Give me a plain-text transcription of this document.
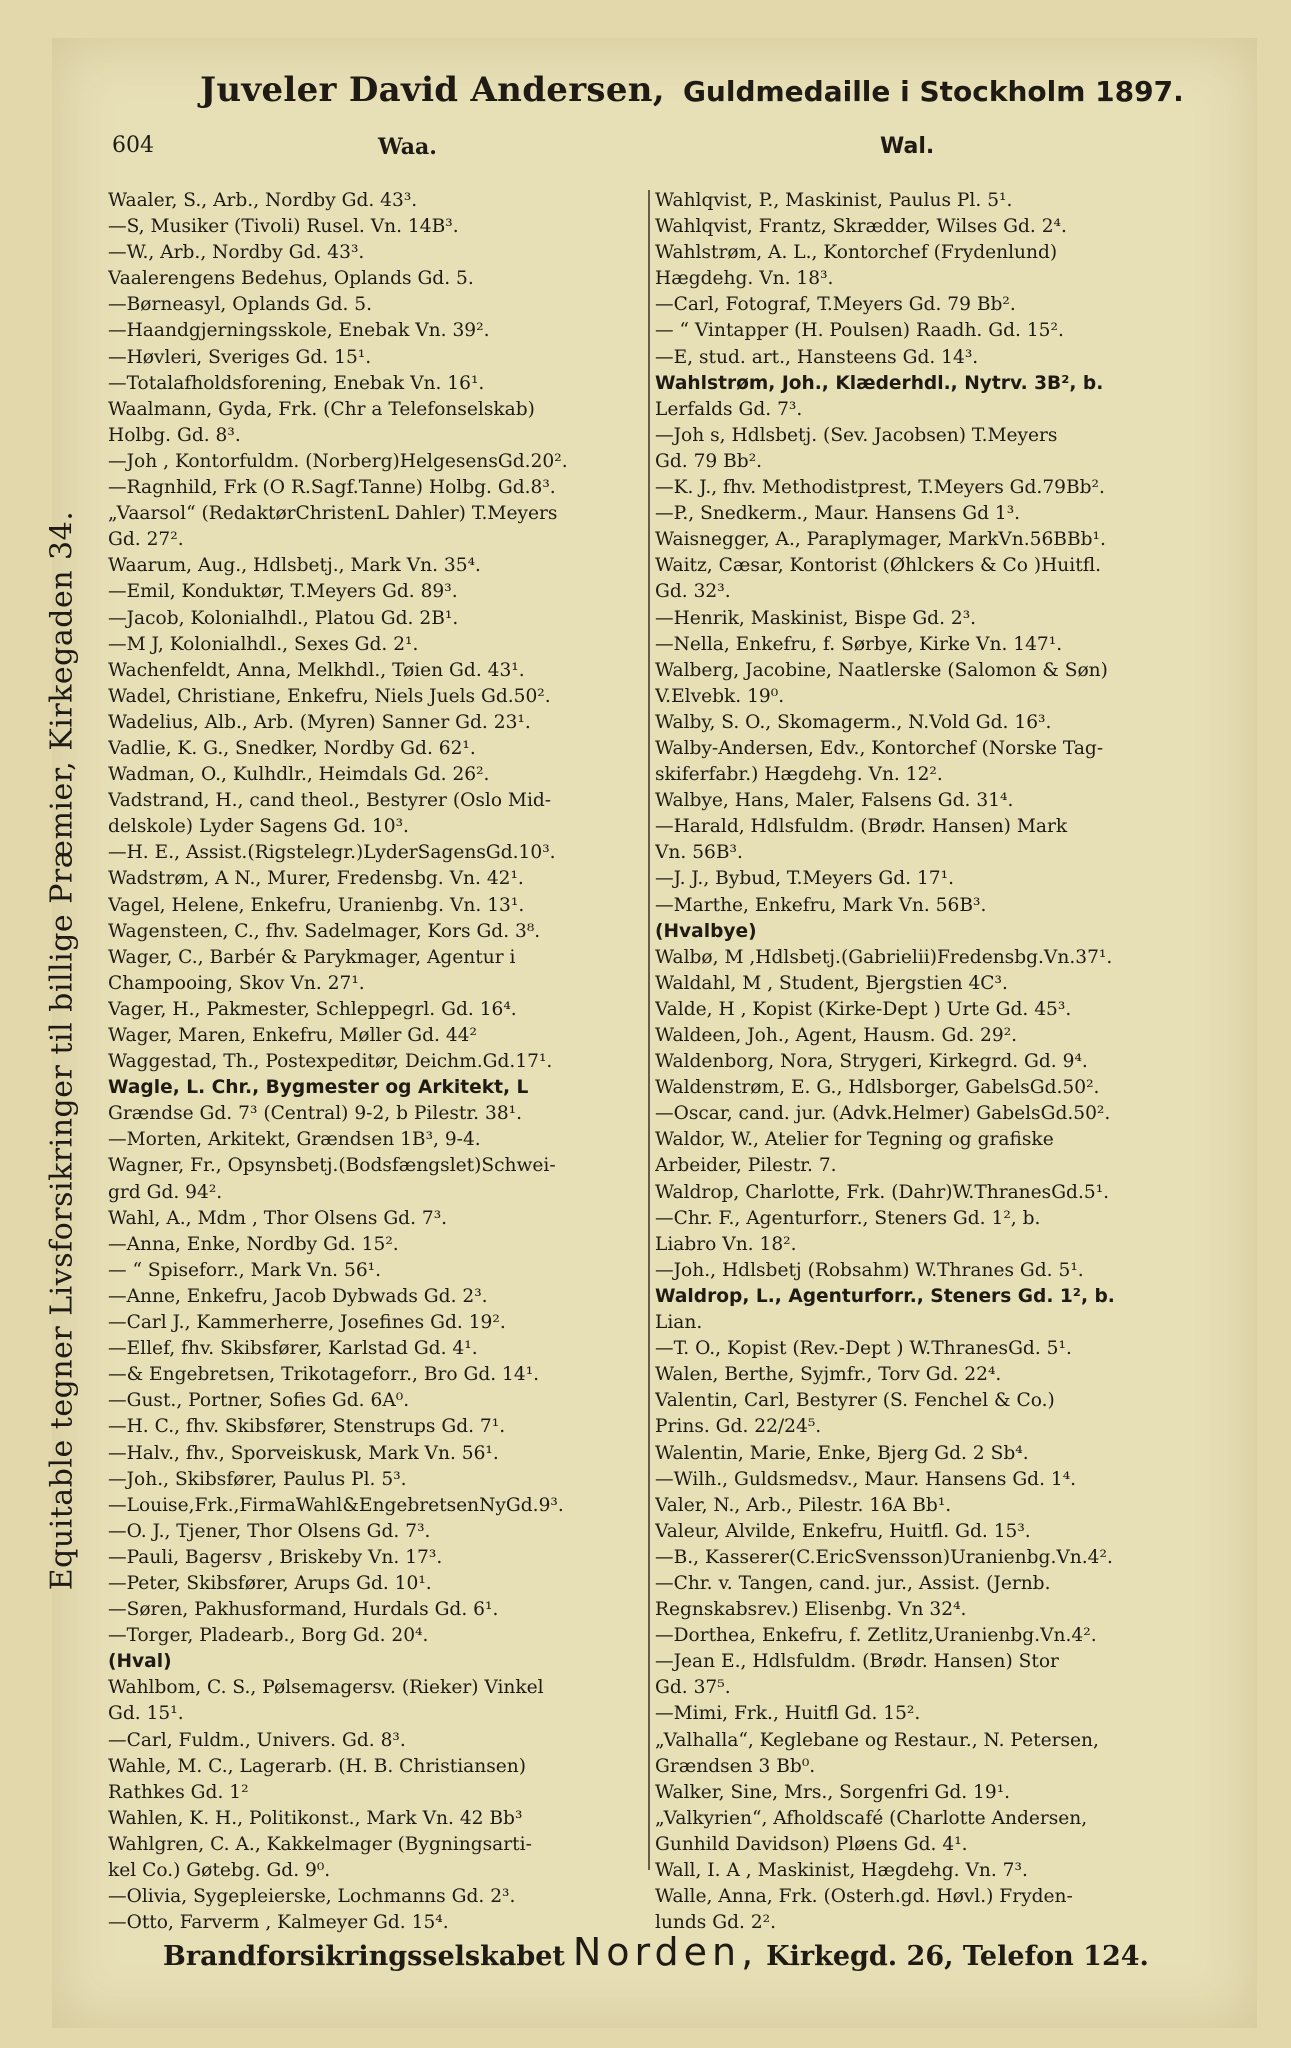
Juveler David Andersen, Guldmedaille i Stockholm 1897.
604	Waa.	Wal.
Equitable tegner Livsforsikringer til billige Præmier, Kirkegaden 34.
Waaler, S., Arb., Nordby Gd. 43³.
—S, Musiker (Tivoli) Rusel. Vn. 14B³.
—W., Arb., Nordby Gd. 43³.
Vaalerengens Bedehus, Oplands Gd. 5.
—Børneasyl, Oplands Gd. 5.
—Haandgjerningsskole, Enebak Vn. 39².
—Høvleri, Sveriges Gd. 15¹.
—Totalafholdsforening, Enebak Vn. 16¹.
Waalmann, Gyda, Frk. (Chr a Telefonselskab)
Holbg. Gd. 8³.
—Joh , Kontorfuldm. (Norberg)HelgesensGd.20².
—Ragnhild, Frk (O R.Sagf.Tanne) Holbg. Gd.8³.
„Vaarsol“ (RedaktørChristenL Dahler) T.Meyers
Gd. 27².
Waarum, Aug., Hdlsbetj., Mark Vn. 35⁴.
—Emil, Konduktør, T.Meyers Gd. 89³.
—Jacob, Kolonialhdl., Platou Gd. 2B¹.
—M J, Kolonialhdl., Sexes Gd. 2¹.
Wachenfeldt, Anna, Melkhdl., Tøien Gd. 43¹.
Wadel, Christiane, Enkefru, Niels Juels Gd.50².
Wadelius, Alb., Arb. (Myren) Sanner Gd. 23¹.
Vadlie, K. G., Snedker, Nordby Gd. 62¹.
Wadman, O., Kulhdlr., Heimdals Gd. 26².
Vadstrand, H., cand theol., Bestyrer (Oslo Mid-
delskole) Lyder Sagens Gd. 10³.
—H. E., Assist.(Rigstelegr.)LyderSagensGd.10³.
Wadstrøm, A N., Murer, Fredensbg. Vn. 42¹.
Vagel, Helene, Enkefru, Uranienbg. Vn. 13¹.
Wagensteen, C., fhv. Sadelmager, Kors Gd. 3⁸.
Wager, C., Barbér & Parykmager, Agentur i
Champooing, Skov Vn. 27¹.
Vager, H., Pakmester, Schleppegrl. Gd. 16⁴.
Wager, Maren, Enkefru, Møller Gd. 44²
Waggestad, Th., Postexpeditør, Deichm.Gd.17¹.
Wagle, L. Chr., Bygmester og Arkitekt, L
Grændse Gd. 7³ (Central) 9-2, b Pilestr. 38¹.
—Morten, Arkitekt, Grændsen 1B³, 9-4.
Wagner, Fr., Opsynsbetj.(Bodsfængslet)Schwei-
grd Gd. 94².
Wahl, A., Mdm , Thor Olsens Gd. 7³.
—Anna, Enke, Nordby Gd. 15².
— “ Spiseforr., Mark Vn. 56¹.
—Anne, Enkefru, Jacob Dybwads Gd. 2³.
—Carl J., Kammerherre, Josefines Gd. 19².
—Ellef, fhv. Skibsfører, Karlstad Gd. 4¹.
—& Engebretsen, Trikotageforr., Bro Gd. 14¹.
—Gust., Portner, Sofies Gd. 6A⁰.
—H. C., fhv. Skibsfører, Stenstrups Gd. 7¹.
—Halv., fhv., Sporveiskusk, Mark Vn. 56¹.
—Joh., Skibsfører, Paulus Pl. 5³.
—Louise,Frk.,FirmaWahl&EngebretsenNyGd.9³.
—O. J., Tjener, Thor Olsens Gd. 7³.
—Pauli, Bagersv , Briskeby Vn. 17³.
—Peter, Skibsfører, Arups Gd. 10¹.
—Søren, Pakhusformand, Hurdals Gd. 6¹.
—Torger, Pladearb., Borg Gd. 20⁴.
(Hval)
Wahlbom, C. S., Pølsemagersv. (Rieker) Vinkel
Gd. 15¹.
—Carl, Fuldm., Univers. Gd. 8³.
Wahle, M. C., Lagerarb. (H. B. Christiansen)
Rathkes Gd. 1²
Wahlen, K. H., Politikonst., Mark Vn. 42 Bb³
Wahlgren, C. A., Kakkelmager (Bygningsarti-
kel Co.) Gøtebg. Gd. 9⁰.
—Olivia, Sygepleierske, Lochmanns Gd. 2³.
—Otto, Farverm , Kalmeyer Gd. 15⁴.
Wahlqvist, P., Maskinist, Paulus Pl. 5¹.
Wahlqvist, Frantz, Skrædder, Wilses Gd. 2⁴.
Wahlstrøm, A. L., Kontorchef (Frydenlund)
Hægdehg. Vn. 18³.
—Carl, Fotograf, T.Meyers Gd. 79 Bb².
— “ Vintapper (H. Poulsen) Raadh. Gd. 15².
—E, stud. art., Hansteens Gd. 14³.
Wahlstrøm, Joh., Klæderhdl., Nytrv. 3B², b.
Lerfalds Gd. 7³.
—Joh s, Hdlsbetj. (Sev. Jacobsen) T.Meyers
Gd. 79 Bb².
—K. J., fhv. Methodistprest, T.Meyers Gd.79Bb².
—P., Snedkerm., Maur. Hansens Gd 1³.
Waisnegger, A., Paraplymager, MarkVn.56BBb¹.
Waitz, Cæsar, Kontorist (Øhlckers & Co )Huitfl.
Gd. 32³.
—Henrik, Maskinist, Bispe Gd. 2³.
—Nella, Enkefru, f. Sørbye, Kirke Vn. 147¹.
Walberg, Jacobine, Naatlerske (Salomon & Søn)
V.Elvebk. 19⁰.
Walby, S. O., Skomagerm., N.Vold Gd. 16³.
Walby-Andersen, Edv., Kontorchef (Norske Tag-
skiferfabr.) Hægdehg. Vn. 12².
Walbye, Hans, Maler, Falsens Gd. 31⁴.
—Harald, Hdlsfuldm. (Brødr. Hansen) Mark
Vn. 56B³.
—J. J., Bybud, T.Meyers Gd. 17¹.
—Marthe, Enkefru, Mark Vn. 56B³.
(Hvalbye)
Walbø, M ,Hdlsbetj.(Gabrielii)Fredensbg.Vn.37¹.
Waldahl, M , Student, Bjergstien 4C³.
Valde, H , Kopist (Kirke-Dept ) Urte Gd. 45³.
Waldeen, Joh., Agent, Hausm. Gd. 29².
Waldenborg, Nora, Strygeri, Kirkegrd. Gd. 9⁴.
Waldenstrøm, E. G., Hdlsborger, GabelsGd.50².
—Oscar, cand. jur. (Advk.Helmer) GabelsGd.50².
Waldor, W., Atelier for Tegning og grafiske
Arbeider, Pilestr. 7.
Waldrop, Charlotte, Frk. (Dahr)W.ThranesGd.5¹.
—Chr. F., Agenturforr., Steners Gd. 1², b.
Liabro Vn. 18².
—Joh., Hdlsbetj (Robsahm) W.Thranes Gd. 5¹.
Waldrop, L., Agenturforr., Steners Gd. 1², b.
Lian.
—T. O., Kopist (Rev.-Dept ) W.ThranesGd. 5¹.
Walen, Berthe, Syjmfr., Torv Gd. 22⁴.
Valentin, Carl, Bestyrer (S. Fenchel & Co.)
Prins. Gd. 22/24⁵.
Walentin, Marie, Enke, Bjerg Gd. 2 Sb⁴.
—Wilh., Guldsmedsv., Maur. Hansens Gd. 1⁴.
Valer, N., Arb., Pilestr. 16A Bb¹.
Valeur, Alvilde, Enkefru, Huitfl. Gd. 15³.
—B., Kasserer(C.EricSvensson)Uranienbg.Vn.4².
—Chr. v. Tangen, cand. jur., Assist. (Jernb.
Regnskabsrev.) Elisenbg. Vn 32⁴.
—Dorthea, Enkefru, f. Zetlitz,Uranienbg.Vn.4².
—Jean E., Hdlsfuldm. (Brødr. Hansen) Stor
Gd. 37⁵.
—Mimi, Frk., Huitfl Gd. 15².
„Valhalla“, Keglebane og Restaur., N. Petersen,
Grændsen 3 Bb⁰.
Walker, Sine, Mrs., Sorgenfri Gd. 19¹.
„Valkyrien“, Afholdscafé (Charlotte Andersen,
Gunhild Davidson) Pløens Gd. 4¹.
Wall, I. A , Maskinist, Hægdehg. Vn. 7³.
Walle, Anna, Frk. (Osterh.gd. Høvl.) Fryden-
lunds Gd. 2².
Brandforsikringsselskabet Norden, Kirkegd. 26, Telefon 124.
